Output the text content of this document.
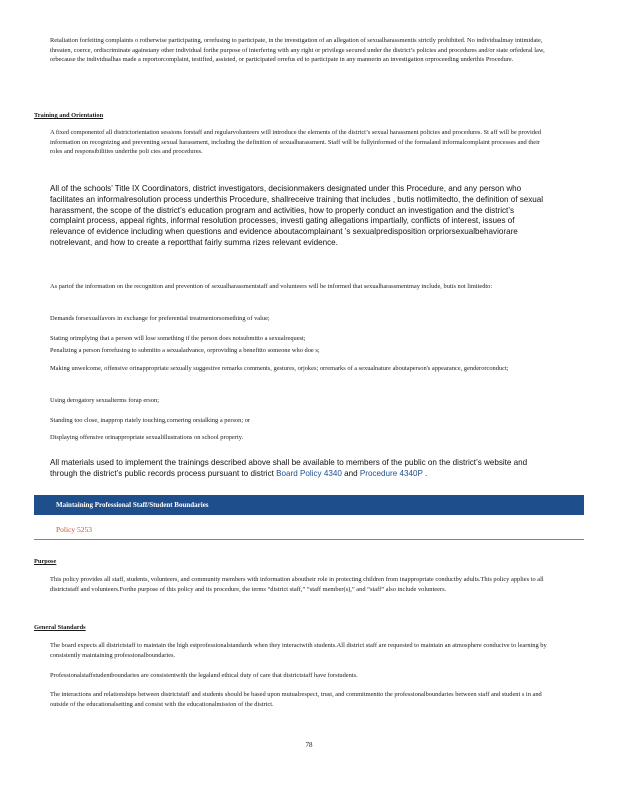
Retaliation forfeiting complaints o rotherwise participating, orrefusing to participate, in the investigation of an allegation of sexualharassmentis strictly prohibited. No individualmay intimidate, threaten, coerce, ordiscriminate againstany other individual forthe purpose of interfering with any right or privilege secured under the district’s policies and procedures and/or state orfederal law, orbecause the individualhas made a reportorcomplaint, testified, assisted, or participated orrefus ed to participate in any mannerin an investigation orproceeding underthis Procedure.

Training and Orientation

A fixed componentof all districtorientation sessions forstaff and regularvolunteers will introduce the elements of the district’s sexual harassment policies and procedures. St aff will be provided information on recognizing and preventing sexual harassment, including the definition of sexualharassment. Staff will be fullyinformed of the formaland informalcomplaint processes and their roles and responsibilities underthe poli cies and procedures.

All of the schools’ Title IX Coordinators, district investigators, decisionmakers designated under this Procedure, and any person who facilitates an informalresolution process underthis Procedure, shallreceive training that includes , butis notlimitedto, the definition of sexual harassment, the scope of the district’s education program and activities, how to properly conduct an investigation and the district’s complaint process, appeal rights, informal resolution processes, investi gating allegations impartially, conflicts of interest, issues of relevance of evidence including when questions and evidence aboutacomplainant ’s sexualpredisposition orpriorsexualbehaviorare notrelevant, and how to create a reportthat fairly summa rizes relevant evidence.

As partof the information on the recognition and prevention of sexualharassmentstaff and volunteers will be informed that sexualharassmentmay include, butis not limitedto:

Demands forsexualfavors in exchange for preferential treatmentorsomething of value;
Stating orimplying that a person will lose something if the person does notsubmitto a sexualrequest;
Penalizing a person forrefusing to submitto a sexualadvance, orproviding a benefitto someone who doe s;
Making unwelcome, offensive orinappropriate sexually suggestive remarks comments, gestures, orjokes; orremarks of a sexualnature aboutaperson's appearance, genderorconduct;
Using derogatory sexualterms forap erson;
Standing too close, inapprop riately touching,cornering orstalking a person; or
Displaying offensive orinappropriate sexualillustrations on school property.

All materials used to implement the trainings described above shall be available to members of the public on the district’s website and through the district’s public records process pursuant to district Board Policy 4340 and Procedure 4340P .

Maintaining Professional Staff/Student Boundaries
Policy 5253
Purpose

This policy provides all staff, students, volunteers, and community members with information aboutheir role in protecting children from inappropriate conductby adults.This policy applies to all districtstaff and volunteers.Forthe purpose of this policy and its procedure, the terms “district staff,” “staff member(s),” and “staff” also include volunteers.

General Standards

The board expects all districtstaff to maintain the high estprofessionalstandards when they interactwith students.All district staff are requested to maintain an atmosphere conducive to learning by consistently maintaining professionalboundaries.

Professionalstaffstudentboundaries are consistentwith the legaland ethical duty of care that districtstaff have forstudents.

The interactions and relationships between districtstaff and students should be based upon mutualrespect, trust, and commitmentto the professionalboundaries between staff and student s in and outside of the educationalsetting and consist with the educationalmission of the district.

78
